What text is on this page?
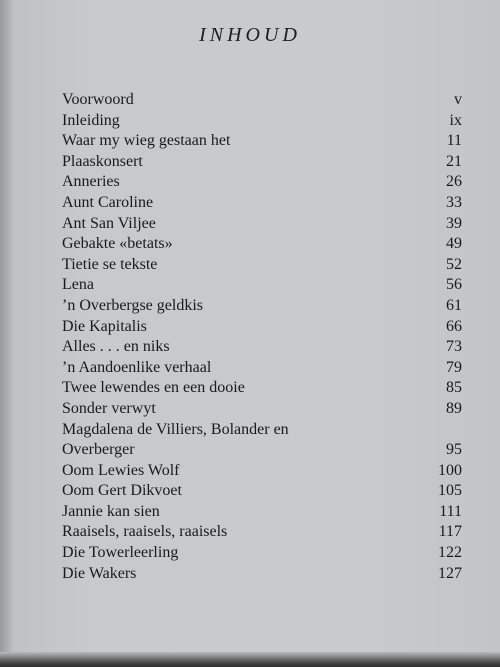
INHOUD
Voorwoord	v
Inleiding	ix
Waar my wieg gestaan het	11
Plaaskonsert	21
Anneries	26
Aunt Caroline	33
Ant San Viljee	39
Gebakte «betats»	49
Tietie se tekste	52
Lena	56
’n Overbergse geldkis	61
Die Kapitalis	66
Alles . . . en niks	73
’n Aandoenlike verhaal	79
Twee lewendes en een dooie	85
Sonder verwyt	89
Magdalena de Villiers, Bolander en
Overberger	95
Oom Lewies Wolf	100
Oom Gert Dikvoet	105
Jannie kan sien	111
Raaisels, raaisels, raaisels	117
Die Towerleerling	122
Die Wakers	127
